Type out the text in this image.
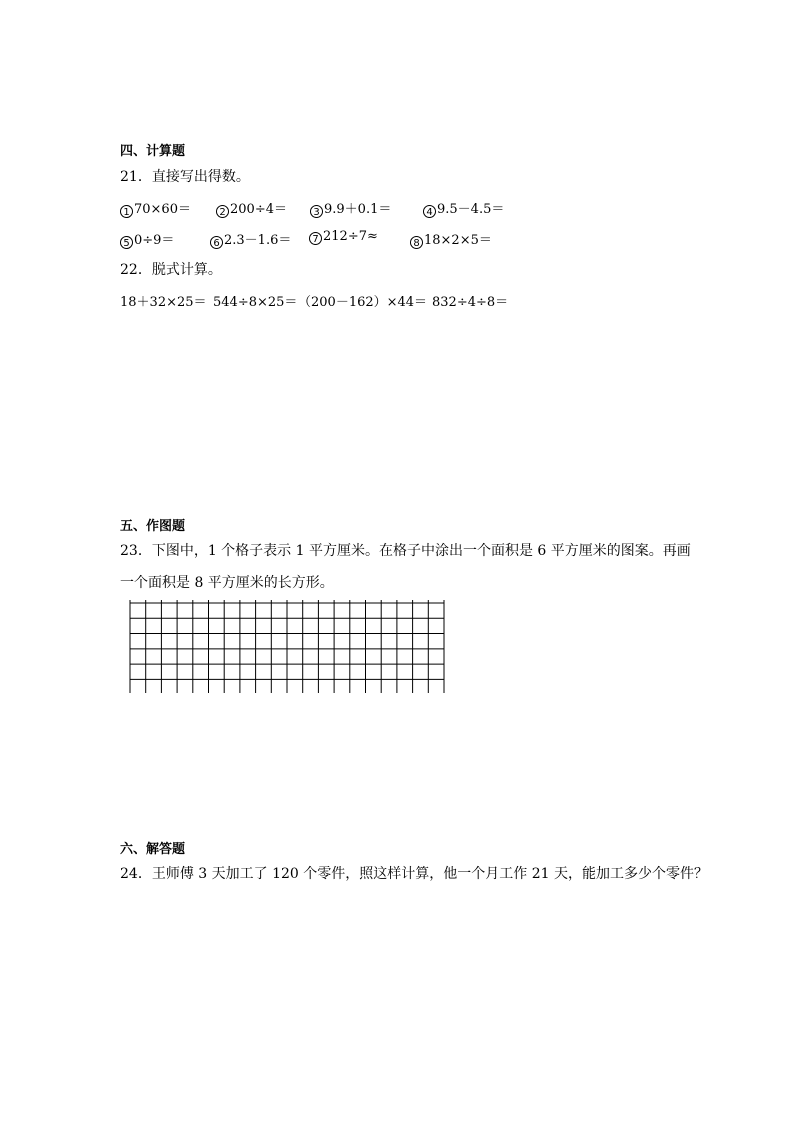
四、计算题
21．直接写出得数。
1 70×60＝	2 200÷4＝	3 9.9＋0.1＝	4 9.5－4.5＝
5 0÷9＝	6 2.3－1.6＝	7 212÷7≈	8 18×2×5＝
22．脱式计算。
18＋32×25＝ 544÷8×25＝ （200－162）×44＝ 832÷4÷8＝
五、作图题
23．下图中，1 个格子表示 1 平方厘米。在格子中涂出一个面积是 6 平方厘米的图案。再画
一个面积是 8 平方厘米的长方形。
六、解答题
24．王师傅 3 天加工了 120 个零件，照这样计算，他一个月工作 21 天，能加工多少个零件？
